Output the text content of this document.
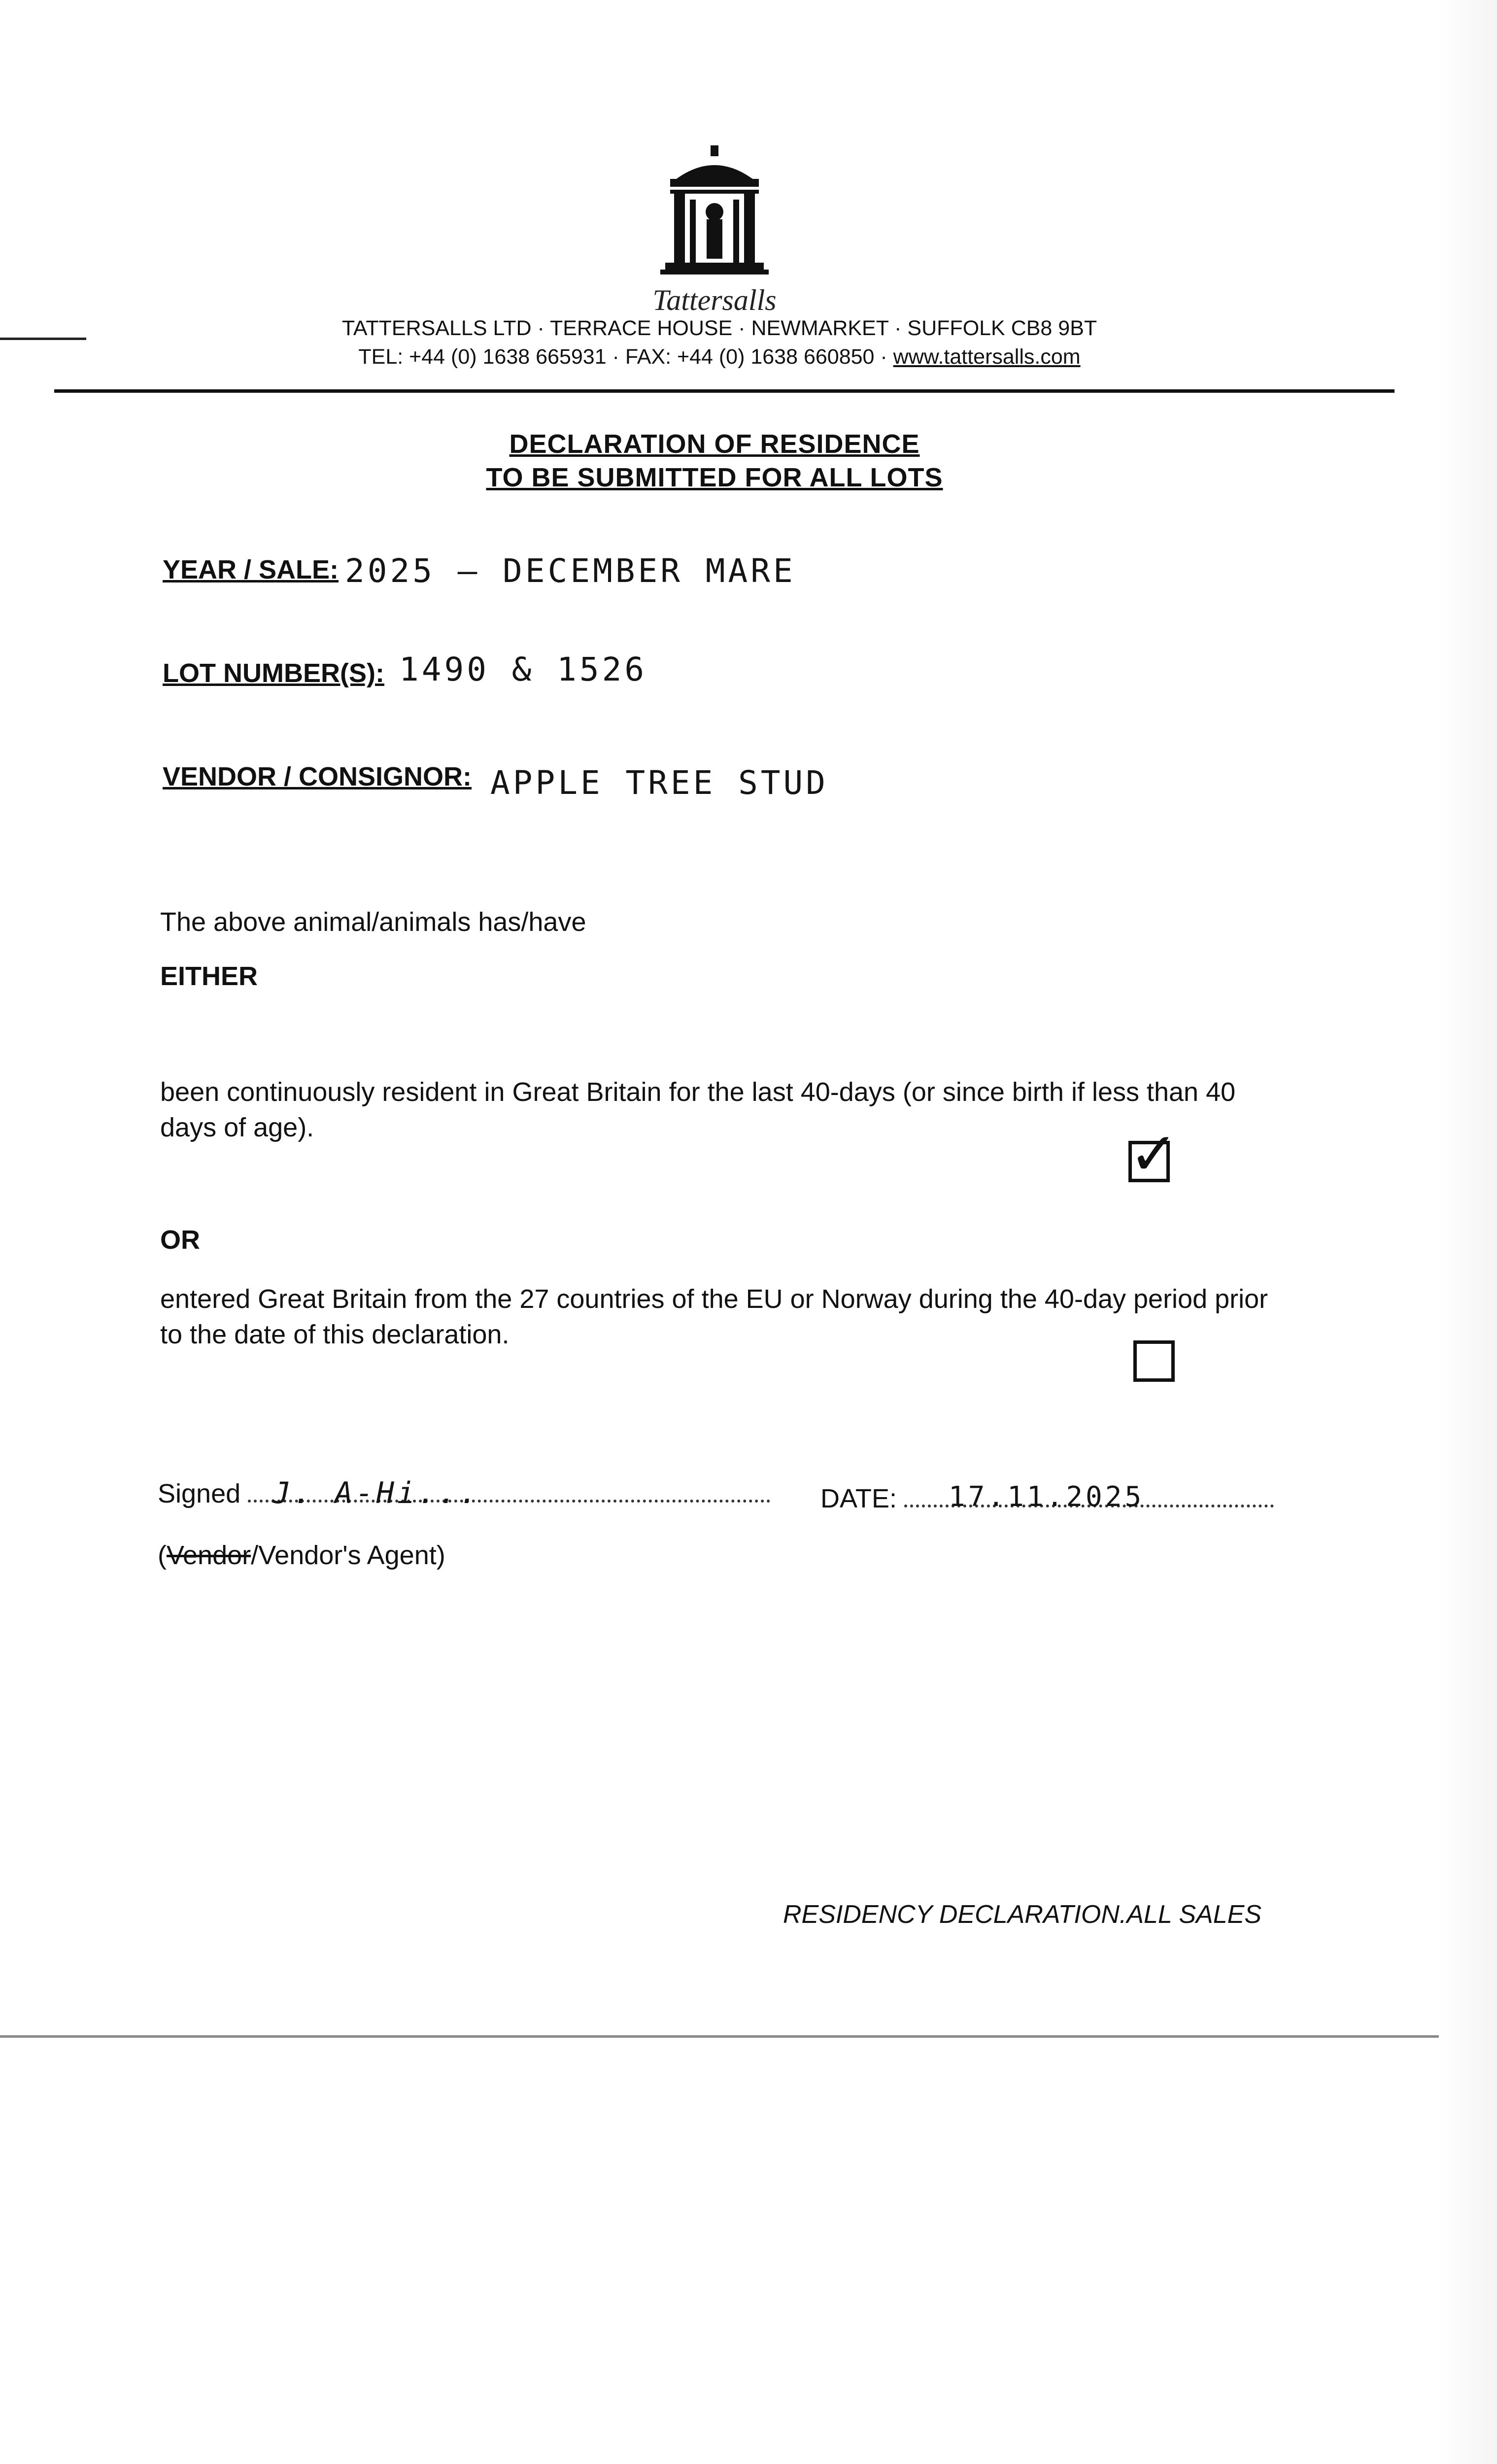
Tattersalls
TATTERSALLS LTD · TERRACE HOUSE · NEWMARKET · SUFFOLK CB8 9BT
TEL: +44 (0) 1638 665931 · FAX: +44 (0) 1638 660850 · www.tattersalls.com
DECLARATION OF RESIDENCE
TO BE SUBMITTED FOR ALL LOTS
YEAR / SALE: 2025 – DECEMBER MARE
LOT NUMBER(S): 1490 & 1526
VENDOR / CONSIGNOR: APPLE TREE STUD
The above animal/animals has/have
EITHER
been continuously resident in Great Britain for the last 40-days (or since birth if less than 40 days of age).	✓
OR
entered Great Britain from the 27 countries of the EU or Norway during the 40-day period prior to the date of this declaration.
Signed J. A-Hi...	DATE: 17.11.2025
(Vendor/Vendor's Agent)
RESIDENCY DECLARATION.ALL SALES
